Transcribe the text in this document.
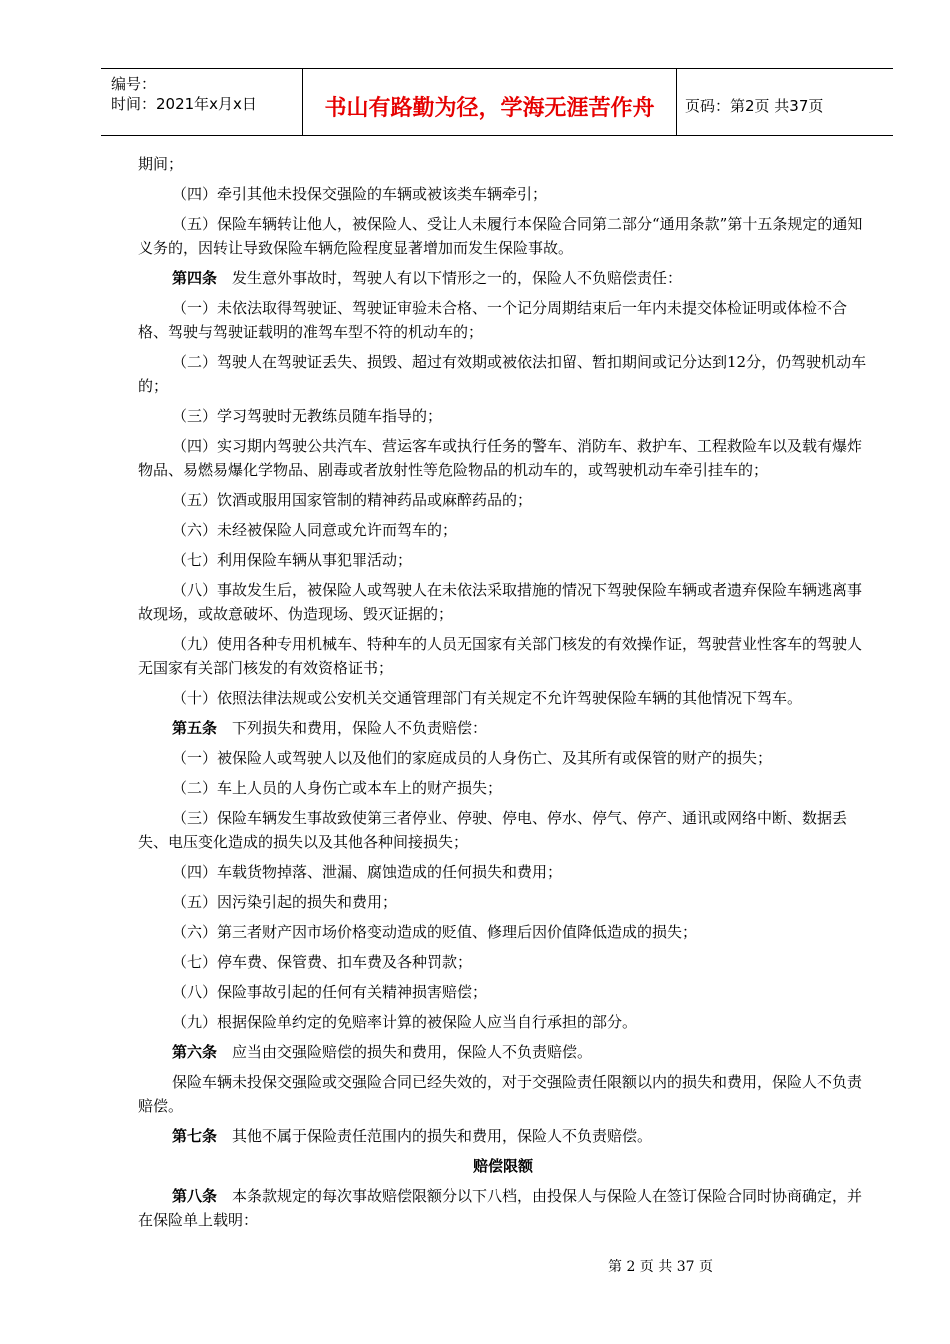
编号：
时间：2021年x月x日	书山有路勤为径，学海无涯苦作舟	页码：第2页 共37页

期间；

（四）牵引其他未投保交强险的车辆或被该类车辆牵引；

（五）保险车辆转让他人，被保险人、受让人未履行本保险合同第二部分“通用条款”第十五条规定的通知义务的，因转让导致保险车辆危险程度显著增加而发生保险事故。

第四条　发生意外事故时，驾驶人有以下情形之一的，保险人不负赔偿责任：

（一）未依法取得驾驶证、驾驶证审验未合格、一个记分周期结束后一年内未提交体检证明或体检不合格、驾驶与驾驶证载明的准驾车型不符的机动车的；

（二）驾驶人在驾驶证丢失、损毁、超过有效期或被依法扣留、暂扣期间或记分达到12分，仍驾驶机动车的；

（三）学习驾驶时无教练员随车指导的；

（四）实习期内驾驶公共汽车、营运客车或执行任务的警车、消防车、救护车、工程救险车以及载有爆炸物品、易燃易爆化学物品、剧毒或者放射性等危险物品的机动车的，或驾驶机动车牵引挂车的；

（五）饮酒或服用国家管制的精神药品或麻醉药品的；

（六）未经被保险人同意或允许而驾车的；

（七）利用保险车辆从事犯罪活动；

（八）事故发生后，被保险人或驾驶人在未依法采取措施的情况下驾驶保险车辆或者遗弃保险车辆逃离事故现场，或故意破坏、伪造现场、毁灭证据的；

（九）使用各种专用机械车、特种车的人员无国家有关部门核发的有效操作证，驾驶营业性客车的驾驶人无国家有关部门核发的有效资格证书；

（十）依照法律法规或公安机关交通管理部门有关规定不允许驾驶保险车辆的其他情况下驾车。

第五条　下列损失和费用，保险人不负责赔偿：

（一）被保险人或驾驶人以及他们的家庭成员的人身伤亡、及其所有或保管的财产的损失；

（二）车上人员的人身伤亡或本车上的财产损失；

（三）保险车辆发生事故致使第三者停业、停驶、停电、停水、停气、停产、通讯或网络中断、数据丢失、电压变化造成的损失以及其他各种间接损失；

（四）车载货物掉落、泄漏、腐蚀造成的任何损失和费用；

（五）因污染引起的损失和费用；

（六）第三者财产因市场价格变动造成的贬值、修理后因价值降低造成的损失；

（七）停车费、保管费、扣车费及各种罚款；

（八）保险事故引起的任何有关精神损害赔偿；

（九）根据保险单约定的免赔率计算的被保险人应当自行承担的部分。

第六条　应当由交强险赔偿的损失和费用，保险人不负责赔偿。

保险车辆未投保交强险或交强险合同已经失效的，对于交强险责任限额以内的损失和费用，保险人不负责赔偿。

第七条　其他不属于保险责任范围内的损失和费用，保险人不负责赔偿。

赔偿限额

第八条　本条款规定的每次事故赔偿限额分以下八档，由投保人与保险人在签订保险合同时协商确定，并在保险单上载明：

第 2 页 共 37 页
